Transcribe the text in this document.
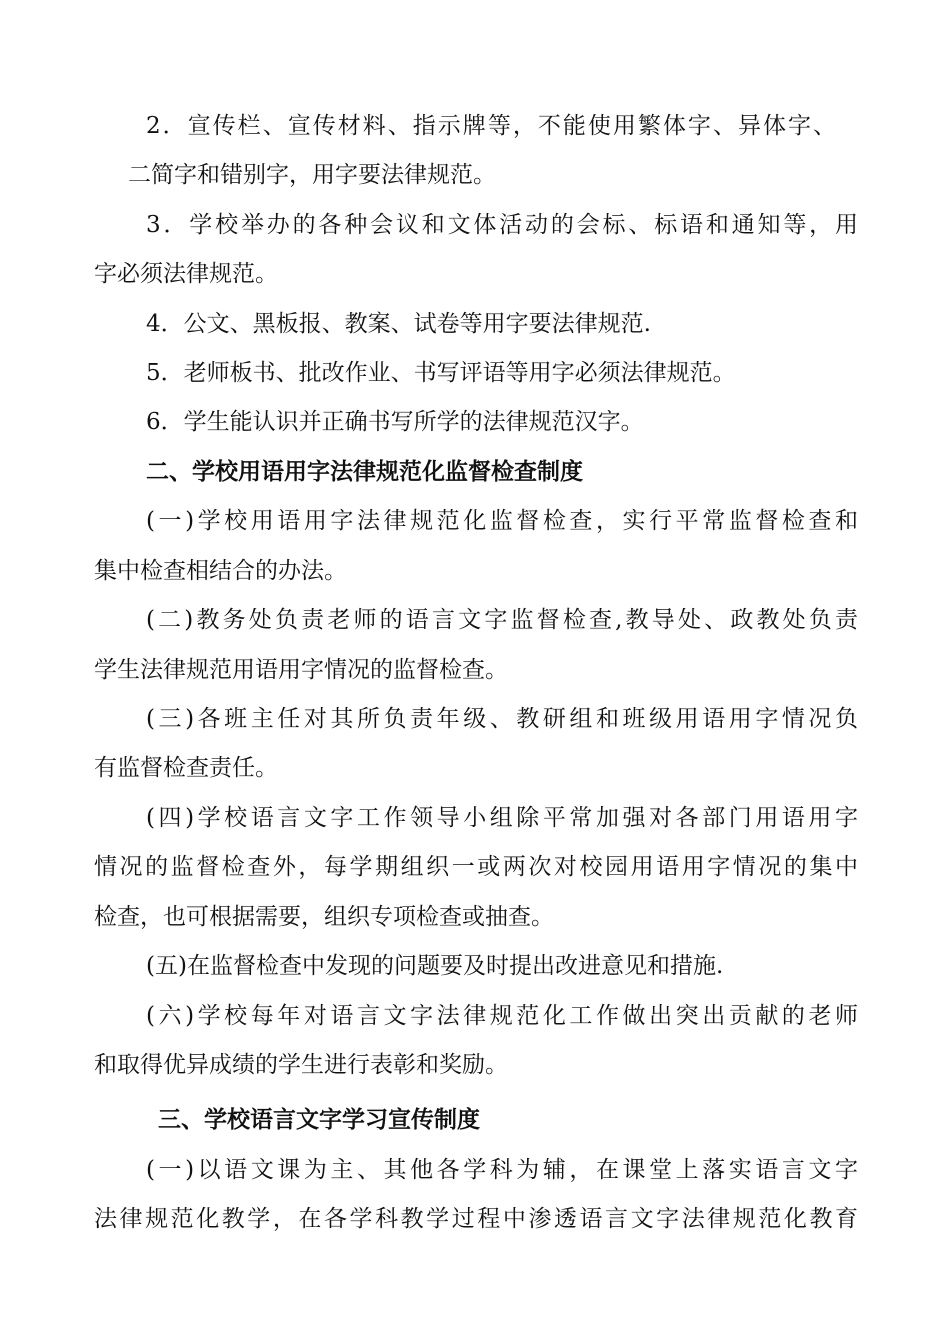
2．宣传栏、宣传材料、指示牌等，不能使用繁体字、异体字、
二简字和错别字，用字要法律规范。
3．学校举办的各种会议和文体活动的会标、标语和通知等，用
字必须法律规范。
4．公文、黑板报、教案、试卷等用字要法律规范.
5．老师板书、批改作业、书写评语等用字必须法律规范。
6．学生能认识并正确书写所学的法律规范汉字。
二、学校用语用字法律规范化监督检查制度
(一)学校用语用字法律规范化监督检查，实行平常监督检查和
集中检查相结合的办法。
(二)教务处负责老师的语言文字监督检查,教导处、政教处负责
学生法律规范用语用字情况的监督检查。
(三)各班主任对其所负责年级、教研组和班级用语用字情况负
有监督检查责任。
(四)学校语言文字工作领导小组除平常加强对各部门用语用字
情况的监督检查外，每学期组织一或两次对校园用语用字情况的集中
检查，也可根据需要，组织专项检查或抽查。
(五)在监督检查中发现的问题要及时提出改进意见和措施.
(六)学校每年对语言文字法律规范化工作做出突出贡献的老师
和取得优异成绩的学生进行表彰和奖励。
三、学校语言文字学习宣传制度
(一)以语文课为主、其他各学科为辅，在课堂上落实语言文字
法律规范化教学，在各学科教学过程中渗透语言文字法律规范化教育
